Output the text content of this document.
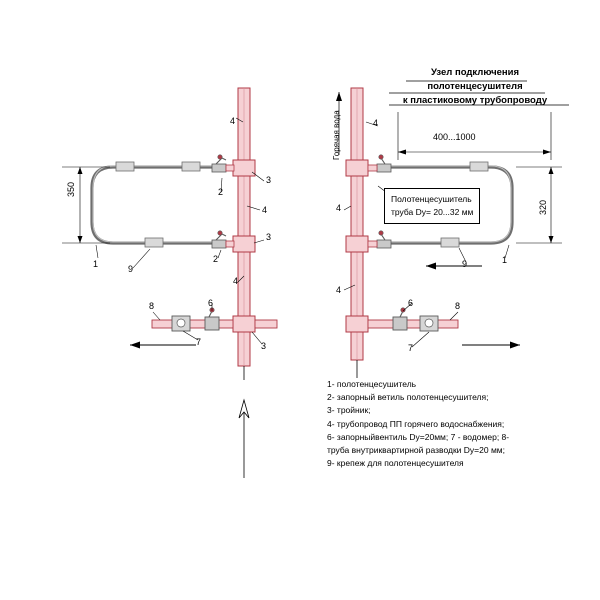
Узел подключения
полотенцесушителя
к пластиковому трубопроводу
Полотенцесушитель
труба Dy= 20...32 мм
350
320
400...1000
Горячая вода
4
3
4
2
3
2
4
1	9
8	6
7	3
4
4
4
9	1
6	8
7
1- полотенцесушитель
2- запорный ветиль полотенцесушителя;
3- тройник;
4- трубопровод ПП горячего водоснабжения;
6- запорныйвентиль Dy=20мм; 7 - водомер; 8-
труба внутриквартирной разводки Dy=20 мм;
9- крепеж для полотенцесушителя
